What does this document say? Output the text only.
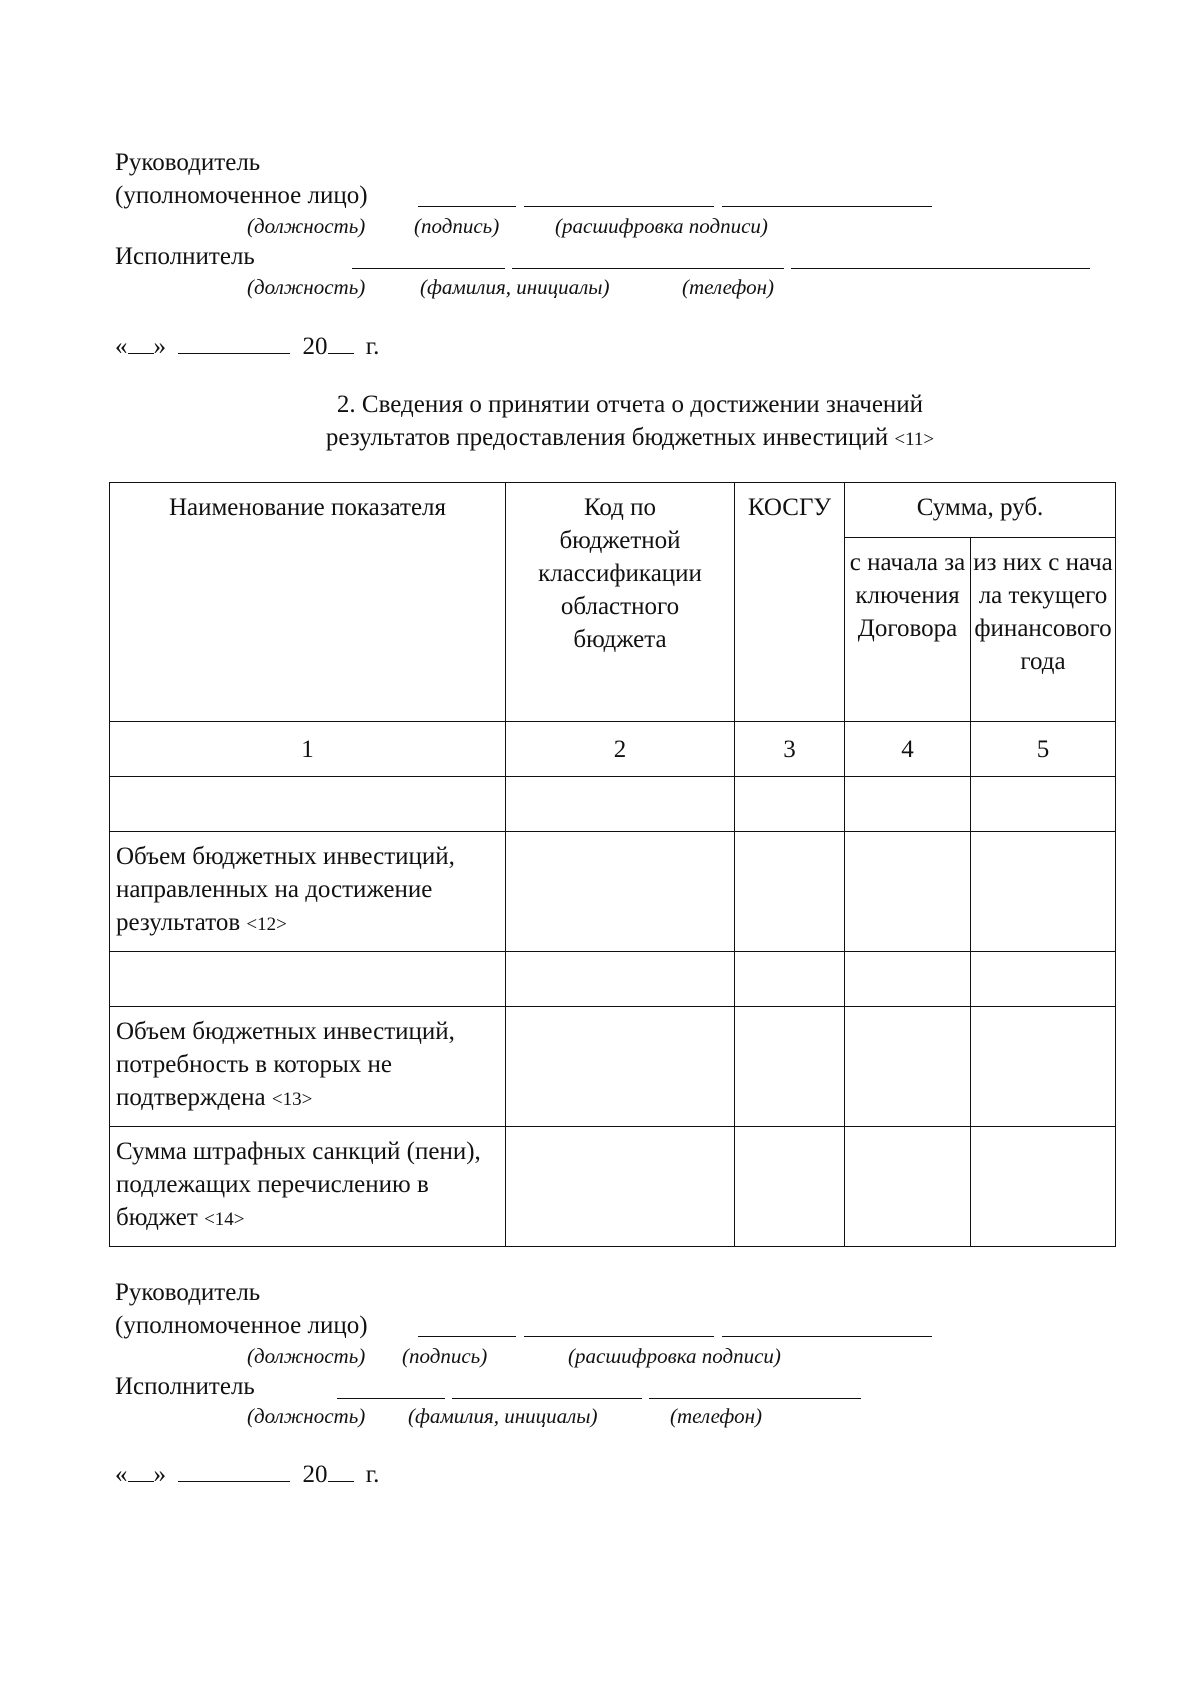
Руководитель
(уполномоченное лицо)
(должность) (подпись)	(расшифровка подписи)
Исполнитель
(должность)	(фамилия, инициалы)	(телефон)
« »	20 г.
2. Сведения о принятии отчета о достижении значений
результатов предоставления бюджетных инвестиций <11>
Наименование показателя	Код по бюджетной классификации областного бюджета	КОСГУ	Сумма, руб.	
			с начала заключения Договора	из них с начала текущего финансового года
1	2	3	4	5

Объем бюджетных инвестиций, направленных на достижение результатов <12>				

Объем бюджетных инвестиций, потребность в которых не подтверждена <13>				
Сумма штрафных санкций (пени), подлежащих перечислению в бюджет <14>				
Руководитель
(уполномоченное лицо)
(должность) (подпись)	(расшифровка подписи)
Исполнитель
(должность) (фамилия, инициалы)	(телефон)
« »	20 г.
